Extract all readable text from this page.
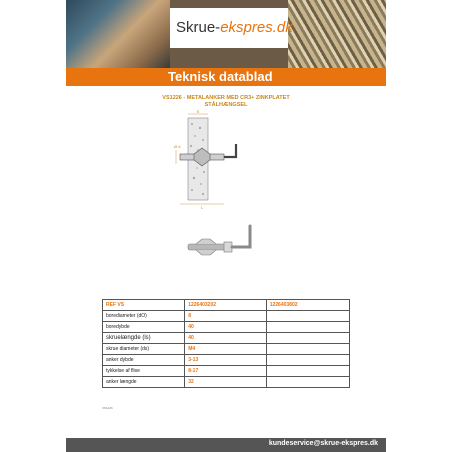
Skrue-ekspres.dk
Teknisk datablad
VS1226 - METALANKER MED CR3+ ZINKPLATET
STÅLHÆNGSEL
S
Ø d
L
REF VS	1226403202	1226403802
borediameter (dO)	8	
boredybde	40	
skruelængde (ls)	40	
skrue diameter (ds)	M4	
anker dybde	3-13	
tykkelse af flise	8-17	
anker længde	32	
VS1226
kundeservice@skrue-ekspres.dk
